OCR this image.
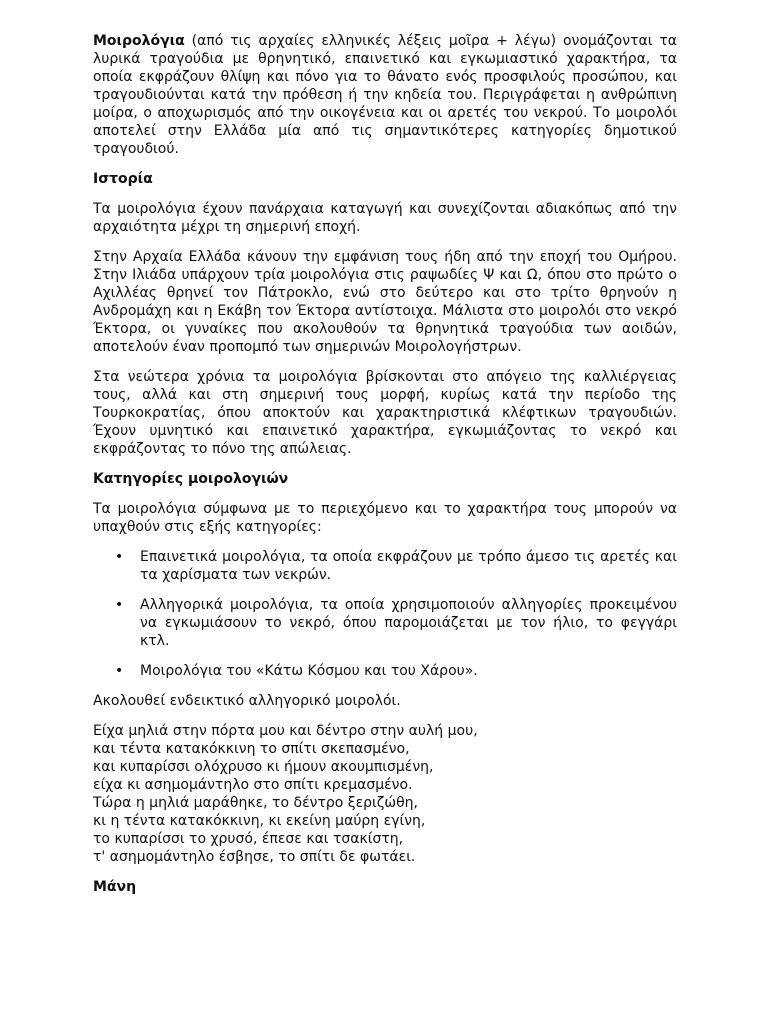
Μοιρολόγια (από τις αρχαίες ελληνικές λέξεις μοῖρα + λέγω) ονομάζονται τα λυρικά τραγούδια με θρηνητικό, επαινετικό και εγκωμιαστικό χαρακτήρα, τα οποία εκφράζουν θλίψη και πόνο για το θάνατο ενός προσφιλούς προσώπου, και τραγουδιούνται κατά την πρόθεση ή την κηδεία του. Περιγράφεται η ανθρώπινη μοίρα, ο αποχωρισμός από την οικογένεια και οι αρετές του νεκρού. Το μοιρολόι αποτελεί στην Ελλάδα μία από τις σημαντικότερες κατηγορίες δημοτικού τραγουδιού.

Ιστορία

Τα μοιρολόγια έχουν πανάρχαια καταγωγή και συνεχίζονται αδιακόπως από την αρχαιότητα μέχρι τη σημερινή εποχή.

Στην Αρχαία Ελλάδα κάνουν την εμφάνιση τους ήδη από την εποχή του Ομήρου. Στην Ιλιάδα υπάρχουν τρία μοιρολόγια στις ραψωδίες Ψ και Ω, όπου στο πρώτο ο Αχιλλέας θρηνεί τον Πάτροκλο, ενώ στο δεύτερο και στο τρίτο θρηνούν η Ανδρομάχη και η Εκάβη τον Έκτορα αντίστοιχα. Μάλιστα στο μοιρολόι στο νεκρό Έκτορα, οι γυναίκες που ακολουθούν τα θρηνητικά τραγούδια των αοιδών, αποτελούν έναν προπομπό των σημερινών Μοιρολογήστρων.

Στα νεώτερα χρόνια τα μοιρολόγια βρίσκονται στο απόγειο της καλλιέργειας τους, αλλά και στη σημερινή τους μορφή, κυρίως κατά την περίοδο της Τουρκοκρατίας, όπου αποκτούν και χαρακτηριστικά κλέφτικων τραγουδιών. Έχουν υμνητικό και επαινετικό χαρακτήρα, εγκωμιάζοντας το νεκρό και εκφράζοντας το πόνο της απώλειας.

Κατηγορίες μοιρολογιών

Τα μοιρολόγια σύμφωνα με το περιεχόμενο και το χαρακτήρα τους μπορούν να υπαχθούν στις εξής κατηγορίες:

• Επαινετικά μοιρολόγια, τα οποία εκφράζουν με τρόπο άμεσο τις αρετές και τα χαρίσματα των νεκρών.
• Αλληγορικά μοιρολόγια, τα οποία χρησιμοποιούν αλληγορίες προκειμένου να εγκωμιάσουν το νεκρό, όπου παρομοιάζεται με τον ήλιο, το φεγγάρι κτλ.
• Μοιρολόγια του «Κάτω Κόσμου και του Χάρου».

Ακολουθεί ενδεικτικό αλληγορικό μοιρολόι.

Είχα μηλιά στην πόρτα μου και δέντρο στην αυλή μου,
και τέντα κατακόκκινη το σπίτι σκεπασμένο,
και κυπαρίσσι ολόχρυσο κι ήμουν ακουμπισμένη,
είχα κι ασημομάντηλο στο σπίτι κρεμασμένο.
Τώρα η μηλιά μαράθηκε, το δέντρο ξεριζώθη,
κι η τέντα κατακόκκινη, κι εκείνη μαύρη εγίνη,
το κυπαρίσσι το χρυσό, έπεσε και τσακίστη,
τ' ασημομάντηλο έσβησε, το σπίτι δε φωτάει.
Μάνη
